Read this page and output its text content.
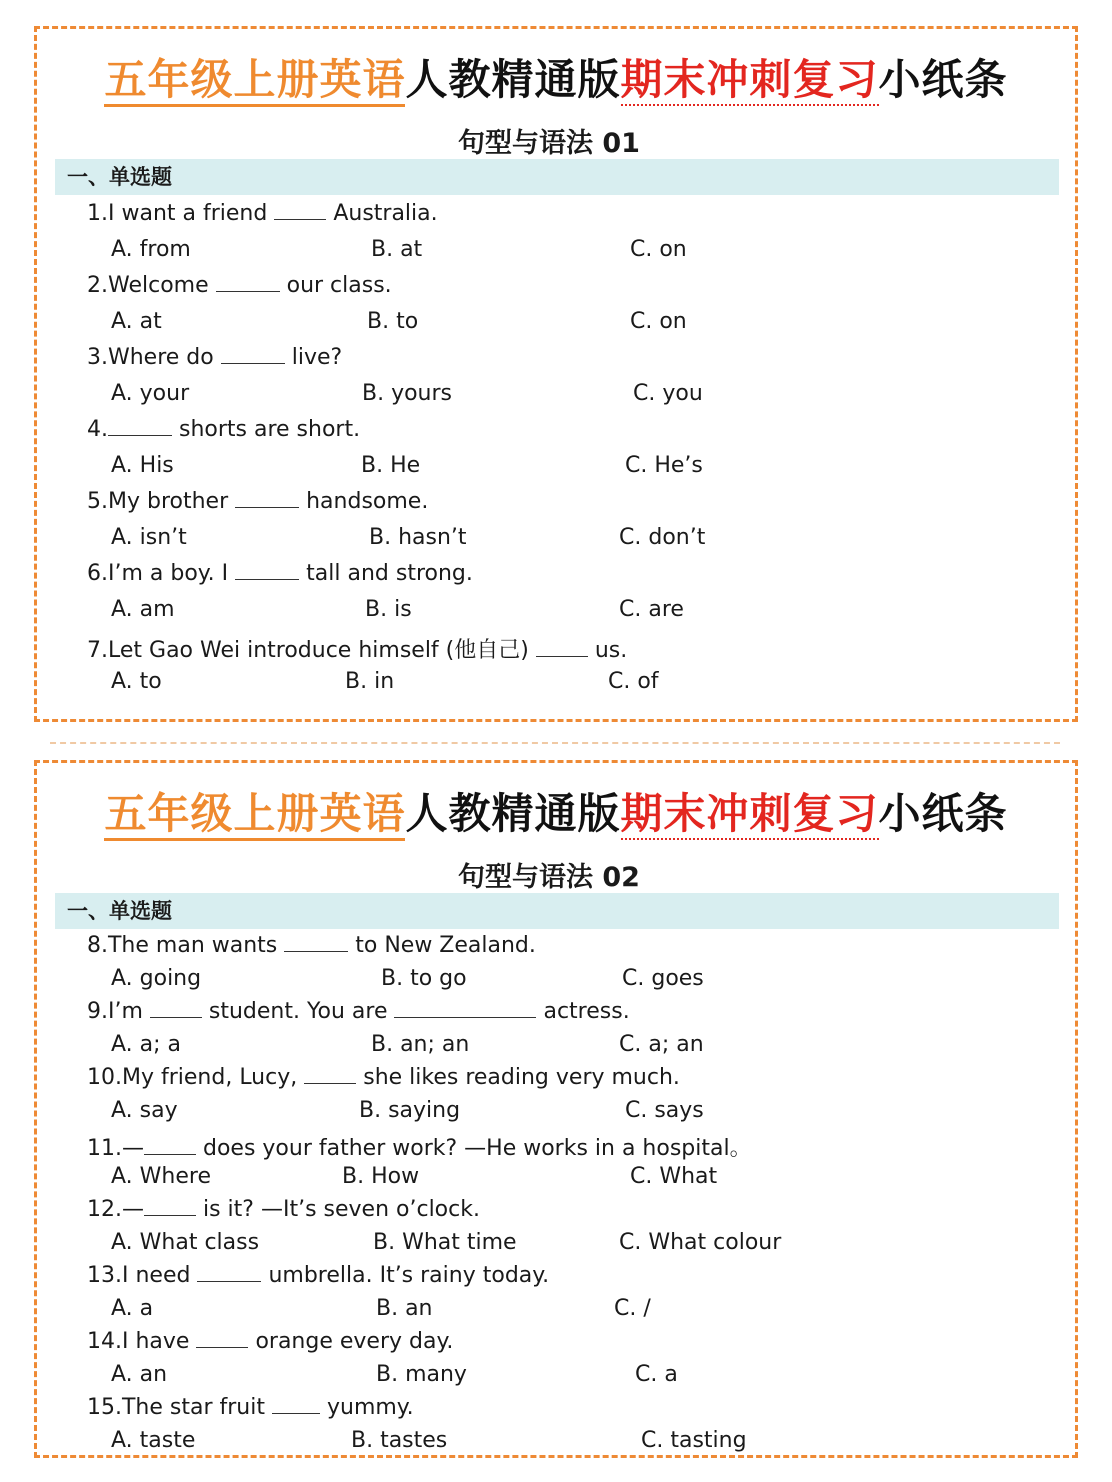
五年级上册英语人教精通版期末冲刺复习小纸条
句型与语法 01
一、单选题
1.I want a friend  Australia.
A. from	B. at	C. on
2.Welcome	our class.
A. at	B. to	C. on
3.Where do	live?
A. your	B. yours	C. you
4.	shorts are short.
A. His	B. He	C. He’s
5.My brother	handsome.
A. isn’t	B. hasn’t	C. don’t
6.I’m a boy. I	tall and strong.
A. am	B. is	C. are
7.Let Gao Wei introduce himself (他自己)  us.
A. to	B. in	C. of
五年级上册英语人教精通版期末冲刺复习小纸条
句型与语法 02
一、单选题
8.The man wants	to New Zealand.
A. going	B. to go	C. goes
9.I’m  student. You are	actress.
A. a; a	B. an; an	C. a; an
10.My friend, Lucy,  she likes reading very much.
A. say	B. saying	C. says
11.— does your father work? —He works in a hospital。
A. Where	B. How	C. What
12.— is it? —It’s seven o’clock.
A. What class	B. What time	C. What colour
13.I need	umbrella. It’s rainy today.
A. a	B. an	C. /
14.I have  orange every day.
A. an	B. many	C. a
15.The star fruit  yummy.
A. taste	B. tastes	C. tasting
